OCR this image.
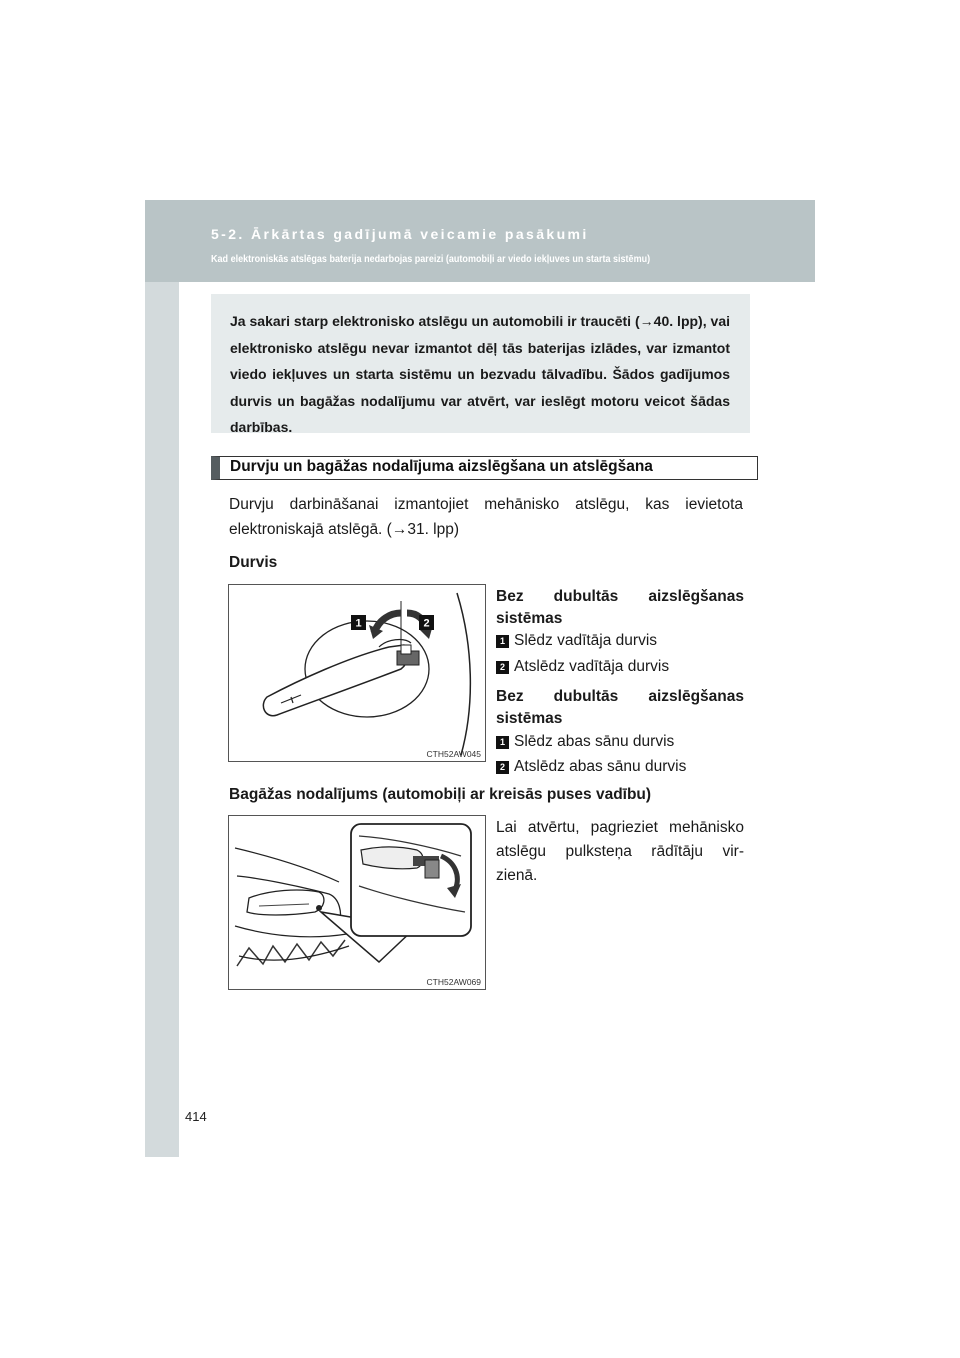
5-2. Ārkārtas gadījumā veicamie pasākumi
Kad elektroniskās atslēgas baterija nedarbojas pareizi (automobiļi ar viedo iekļuves un starta sistēmu)
Ja sakari starp elektronisko atslēgu un automobili ir traucēti (→40. lpp), vai elektronisko atslēgu nevar izmantot dēļ tās baterijas izlādes, var izmantot viedo iekļuves un starta sistēmu un bezvadu tālvadību. Šādos gadījumos durvis un bagāžas nodalījumu var atvērt, var ieslēgt motoru veicot šādas darbības.
Durvju un bagāžas nodalījuma aizslēgšana un atslēgšana
Durvju darbināšanai izmantojiet mehānisko atslēgu, kas ievietota elektroniskajā atslēgā. (→31. lpp)
Durvis
1	2
CTH52AW045
Bez dubultās aizslēgšanas
sistēmas
1 Slēdz vadītāja durvis
2 Atslēdz vadītāja durvis
Bez dubultās aizslēgšanas
sistēmas
1 Slēdz abas sānu durvis
2 Atslēdz abas sānu durvis
Bagāžas nodalījums (automobiļi ar kreisās puses vadību)
CTH52AW069
Lai atvērtu, pagrieziet mehānisko
atslēgu pulksteņa rādītāju vir-
zienā.
414
